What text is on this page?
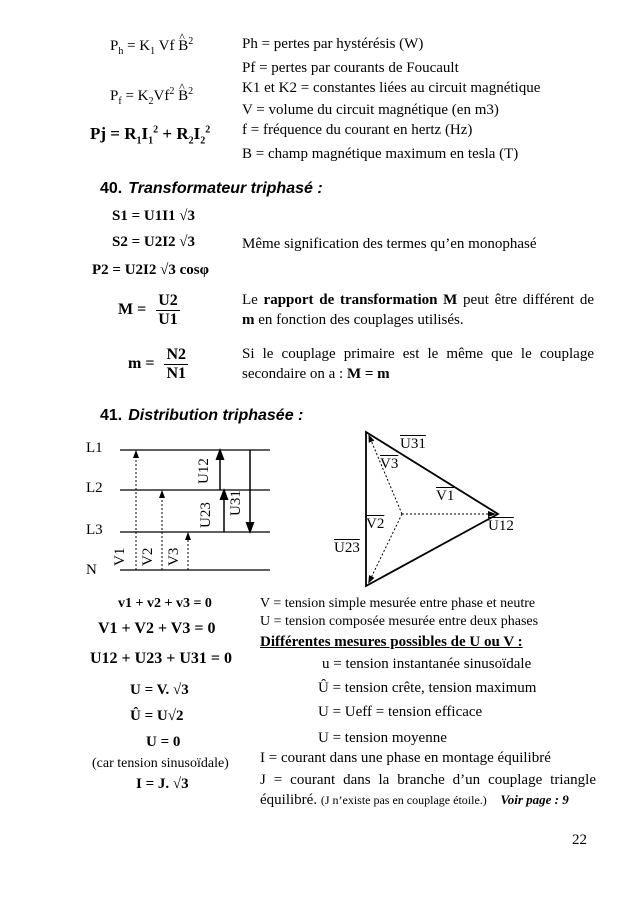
$P_h = K_1$ Vf ^ $B^2$
$P_f = K_2Vf^2$ ^ $B^2$
$Pj = R_1I_1^2 + R_2I_2^2$
Ph = pertes par hystérésis (W)
Pf = pertes par courants de Foucault
K1 et K2 = constantes liées au circuit magnétique
V = volume du circuit magnétique (en m3)
f = fréquence du courant en hertz (Hz)
B = champ magnétique maximum en tesla (T)
40. Transformateur triphasé :
S1 = U1I1 √3
S2 = U2I2 √3
P2 = U2I2 √3 cosφ
Même signification des termes qu’en monophasé
$M = \frac{U2}{U1}$
$m = \frac{N2}{N1}$
Le rapport de transformation M peut être différent de m en fonction des couplages utilisés.
Si le couplage primaire est le même que le couplage secondaire on a : M = m
41. Distribution triphasée :
L1
L2
L3
N
V1 V2 V3
U12
U23 U31
U31
V3
V1
U12
V2
U23
v1 + v2 + v3 = 0
V1 + V2 + V3 = 0
U12 + U23 + U31 = 0
U = V. √3
Û = U√2
U = 0
(car tension sinusoïdale)
I = J. √3
V = tension simple mesurée entre phase et neutre
U = tension composée mesurée entre deux phases
Différentes mesures possibles de U ou V :
u = tension instantanée sinusoïdale
Û = tension crête, tension maximum
U = Ueff = tension efficace
U = tension moyenne
I = courant dans une phase en montage équilibré
J = courant dans la branche d’un couplage triangle équilibré. (J n’existe pas en couplage étoile.) Voir page : 9
22
